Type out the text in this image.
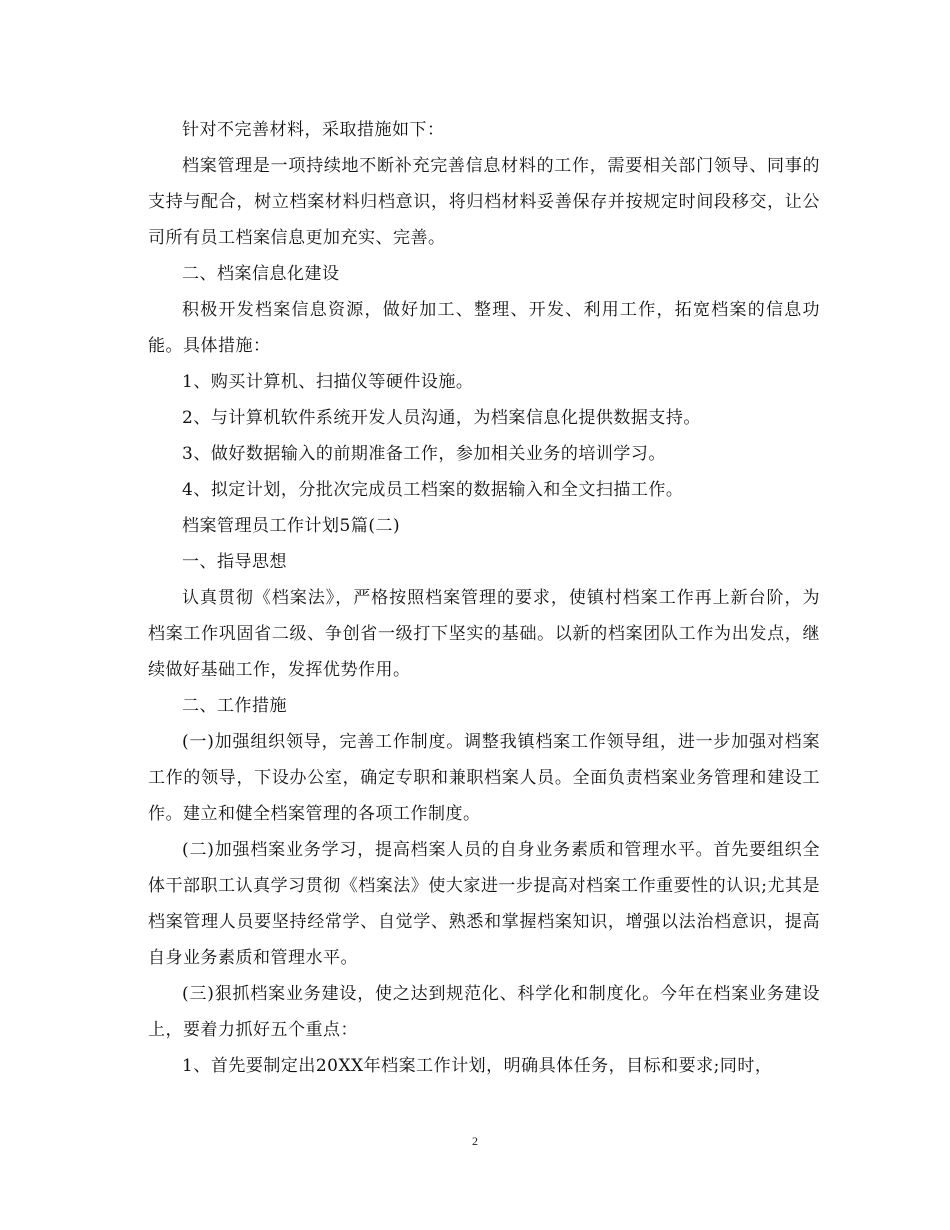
针对不完善材料，采取措施如下：

档案管理是一项持续地不断补充完善信息材料的工作，需要相关部门领导、同事的支持与配合，树立档案材料归档意识，将归档材料妥善保存并按规定时间段移交，让公司所有员工档案信息更加充实、完善。

二、档案信息化建设

积极开发档案信息资源，做好加工、整理、开发、利用工作，拓宽档案的信息功能。具体措施：

1、购买计算机、扫描仪等硬件设施。

2、与计算机软件系统开发人员沟通，为档案信息化提供数据支持。

3、做好数据输入的前期准备工作，参加相关业务的培训学习。

4、拟定计划，分批次完成员工档案的数据输入和全文扫描工作。

档案管理员工作计划5篇(二)

一、指导思想

认真贯彻《档案法》，严格按照档案管理的要求，使镇村档案工作再上新台阶，为档案工作巩固省二级、争创省一级打下坚实的基础。以新的档案团队工作为出发点，继续做好基础工作，发挥优势作用。

二、工作措施

(一)加强组织领导，完善工作制度。调整我镇档案工作领导组，进一步加强对档案工作的领导，下设办公室，确定专职和兼职档案人员。全面负责档案业务管理和建设工作。建立和健全档案管理的各项工作制度。

(二)加强档案业务学习，提高档案人员的自身业务素质和管理水平。首先要组织全体干部职工认真学习贯彻《档案法》使大家进一步提高对档案工作重要性的认识;尤其是档案管理人员要坚持经常学、自觉学、熟悉和掌握档案知识，增强以法治档意识，提高自身业务素质和管理水平。

(三)狠抓档案业务建设，使之达到规范化、科学化和制度化。今年在档案业务建设上，要着力抓好五个重点：

1、首先要制定出20XX年档案工作计划，明确具体任务，目标和要求;同时，

2
